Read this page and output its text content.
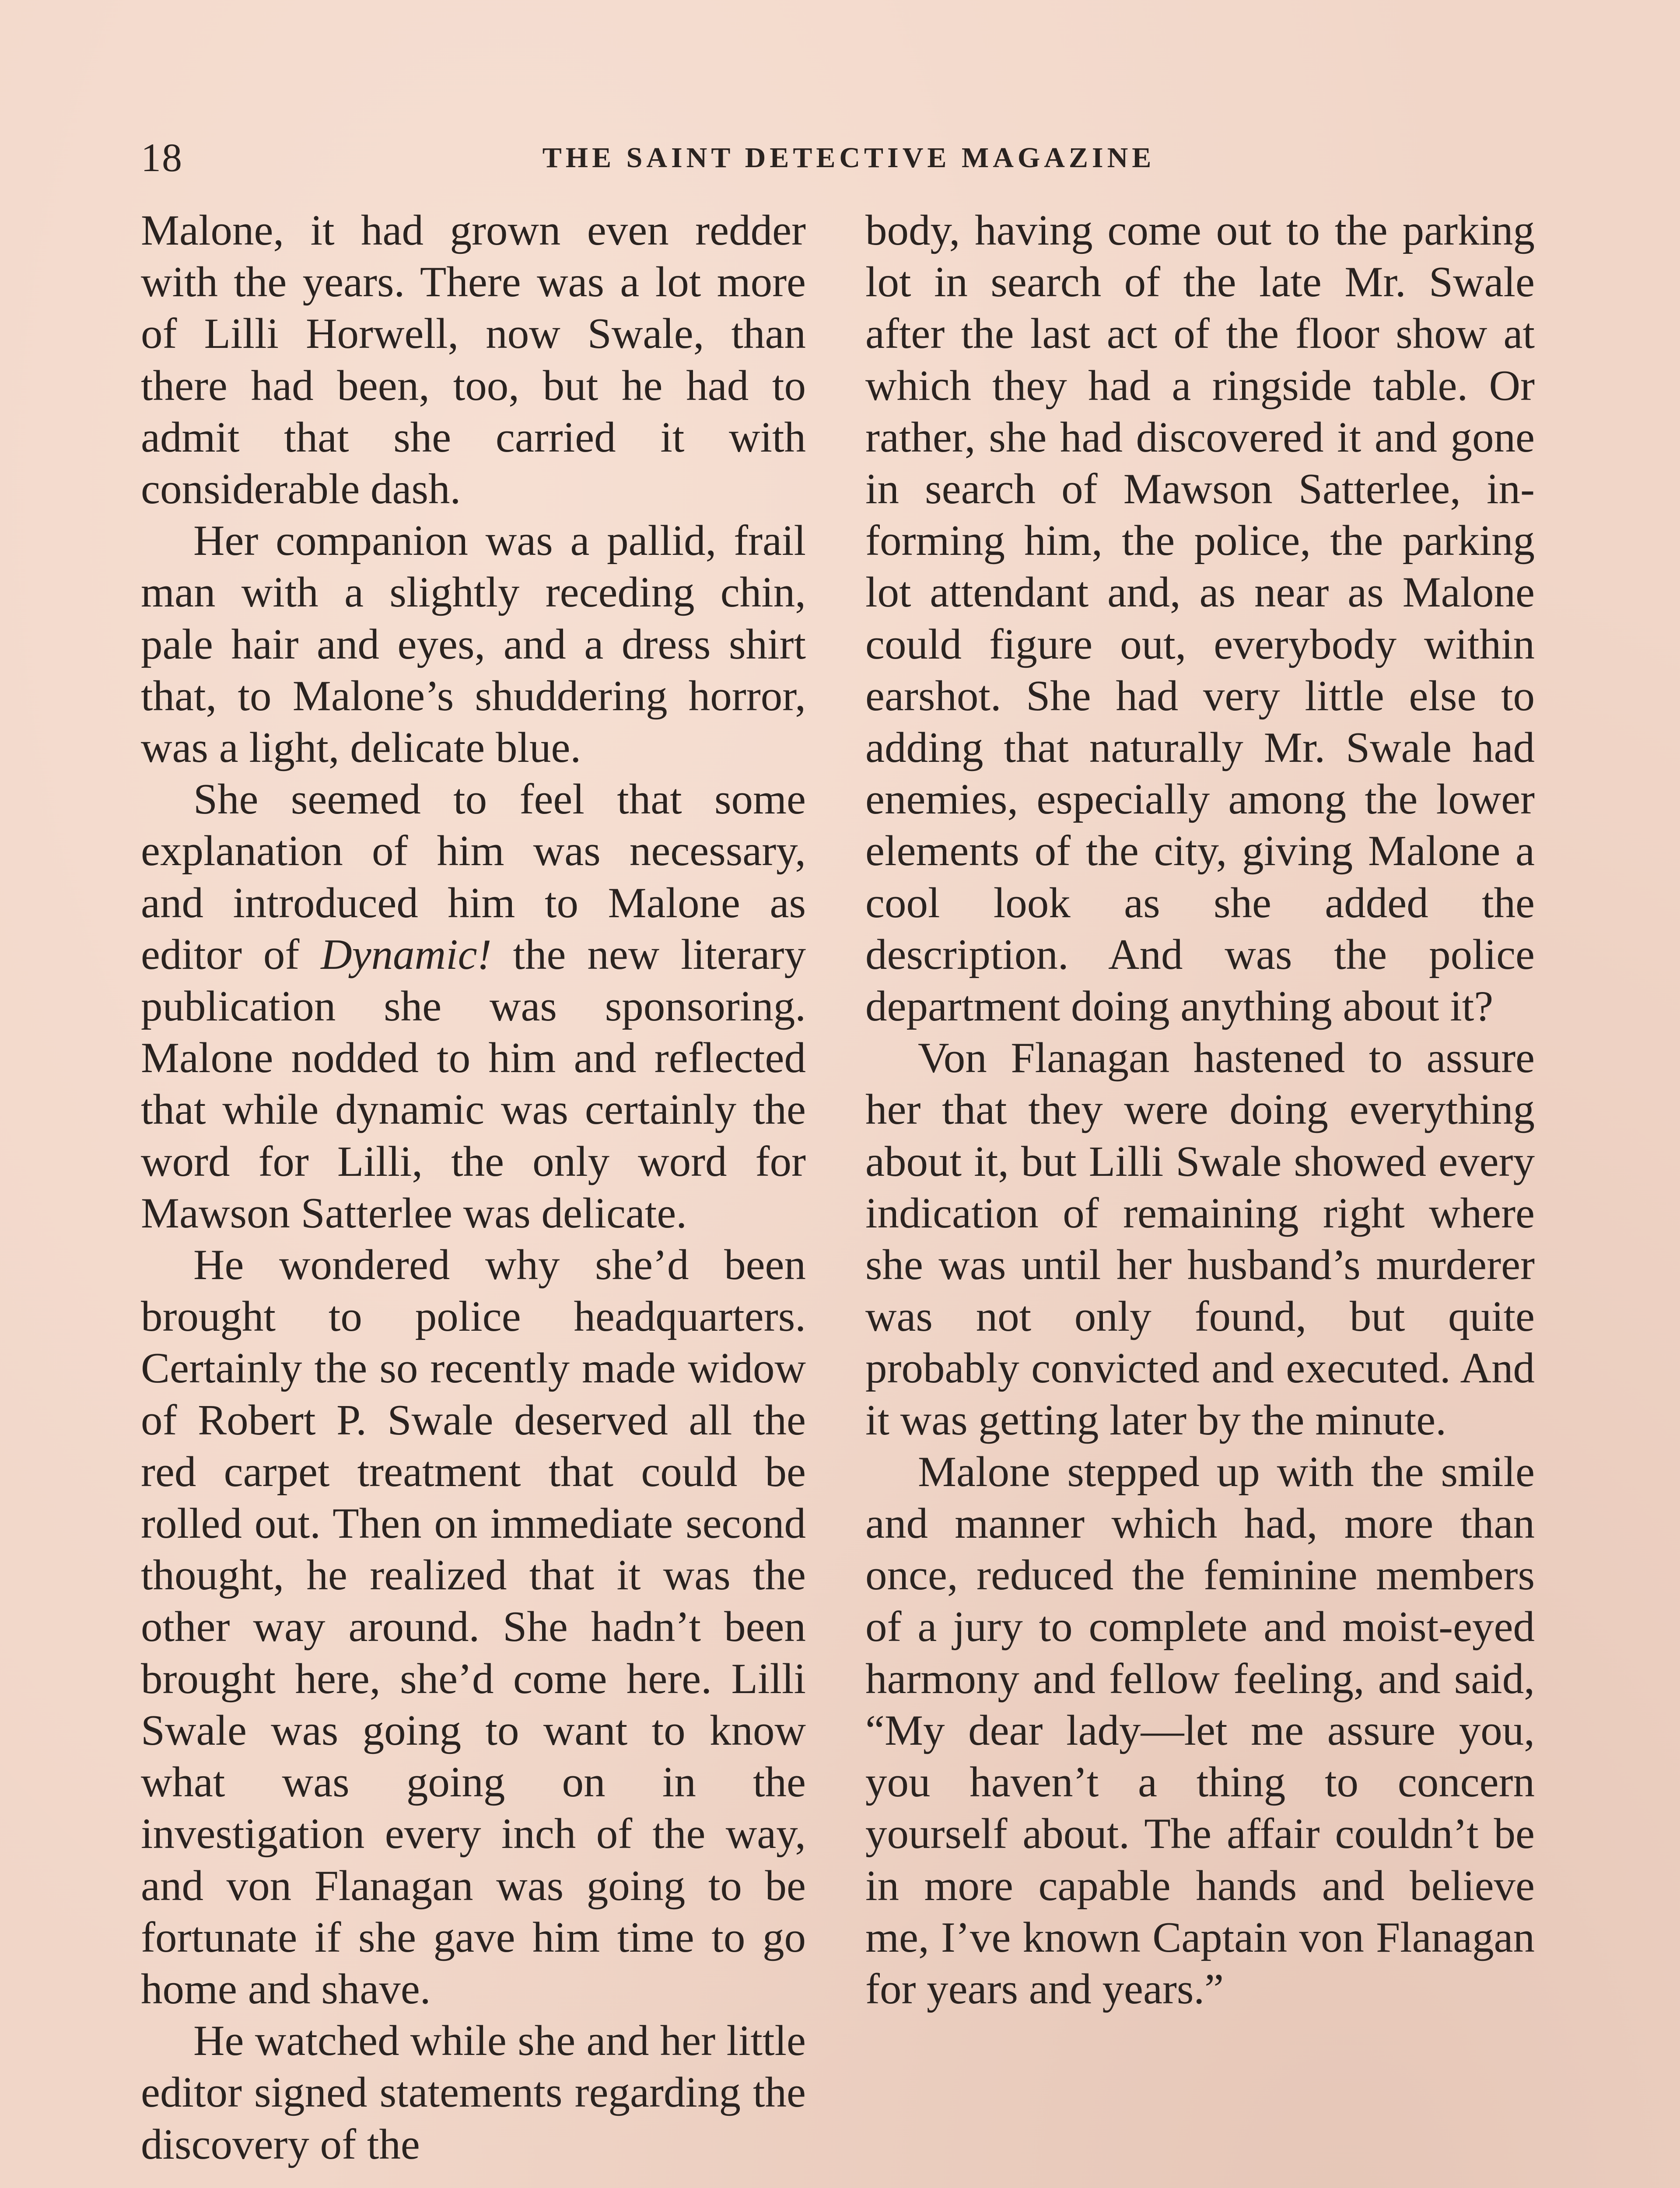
18	THE SAINT DETECTIVE MAGAZINE

Malone, it had grown even redder with the years. There was a lot more of Lilli Horwell, now Swale, than there had been, too, but he had to admit that she carried it with considerable dash.

Her companion was a pallid, frail man with a slightly receding chin, pale hair and eyes, and a dress shirt that, to Malone’s shuddering horror, was a light, delicate blue.

She seemed to feel that some explanation of him was necessary, and introduced him to Malone as editor of Dynamic! the new literary publication she was sponsoring. Malone nodded to him and reflected that while dynamic was certainly the word for Lilli, the only word for Mawson Satterlee was delicate.

He wondered why she’d been brought to police headquarters. Certainly the so recently made widow of Robert P. Swale deserved all the red carpet treatment that could be rolled out. Then on immediate second thought, he realized that it was the other way around. She hadn’t been brought here, she’d come here. Lilli Swale was going to want to know what was going on in the investigation every inch of the way, and von Flanagan was going to be fortunate if she gave him time to go home and shave.

He watched while she and her little editor signed statements regarding the discovery of the

body, having come out to the parking lot in search of the late Mr. Swale after the last act of the floor show at which they had a ringside table. Or rather, she had discovered it and gone in search of Mawson Satterlee, informing him, the police, the parking lot attendant and, as near as Malone could figure out, everybody within earshot. She had very little else to adding that naturally Mr. Swale had enemies, especially among the lower elements of the city, giving Malone a cool look as she added the description. And was the police department doing anything about it?

Von Flanagan hastened to assure her that they were doing everything about it, but Lilli Swale showed every indication of remaining right where she was until her husband’s murderer was not only found, but quite probably convicted and executed. And it was getting later by the minute.

Malone stepped up with the smile and manner which had, more than once, reduced the feminine members of a jury to complete and moist-eyed harmony and fellow feeling, and said, “My dear lady—let me assure you, you haven’t a thing to concern yourself about. The affair couldn’t be in more capable hands and believe me, I’ve known Captain von Flanagan for years and years.”
